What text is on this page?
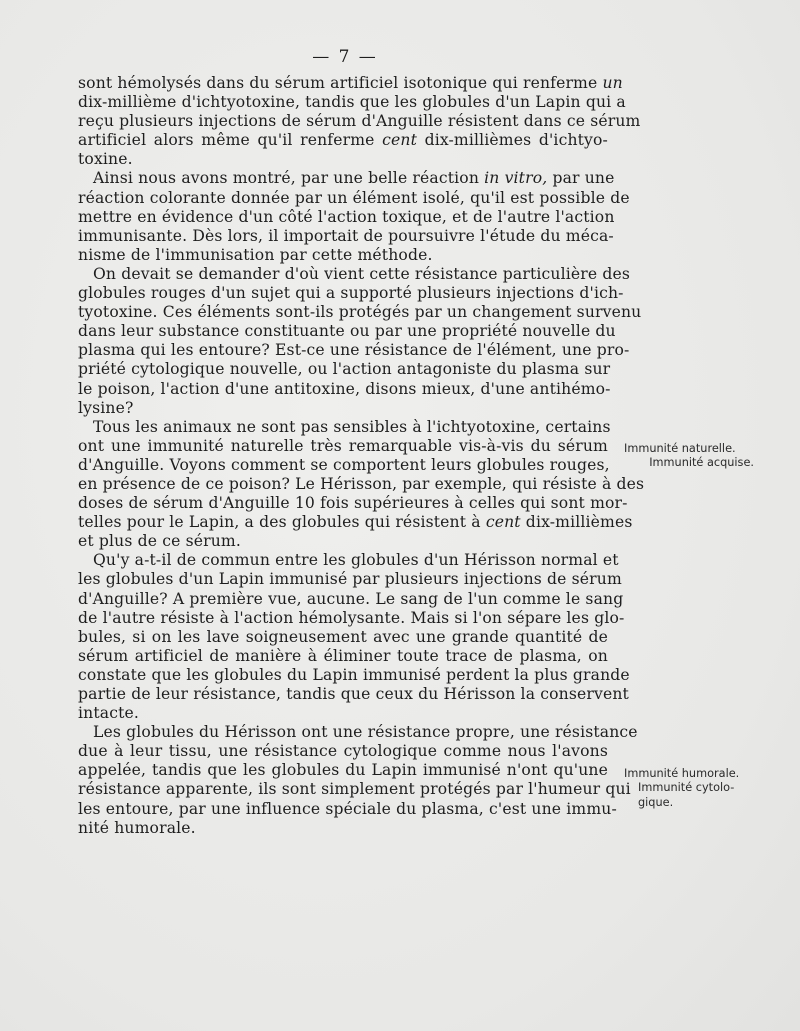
— 7 —
sont hémolysés dans du sérum artificiel isotonique qui renferme un
dix-millième d'ichtyotoxine, tandis que les globules d'un Lapin qui a
reçu plusieurs injections de sérum d'Anguille résistent dans ce sérum
artificiel alors même qu'il renferme cent dix-millièmes d'ichtyo-
toxine.
Ainsi nous avons montré, par une belle réaction in vitro, par une
réaction colorante donnée par un élément isolé, qu'il est possible de
mettre en évidence d'un côté l'action toxique, et de l'autre l'action
immunisante. Dès lors, il importait de poursuivre l'étude du méca-
nisme de l'immunisation par cette méthode.
On devait se demander d'où vient cette résistance particulière des
globules rouges d'un sujet qui a supporté plusieurs injections d'ich-
tyotoxine. Ces éléments sont-ils protégés par un changement survenu
dans leur substance constituante ou par une propriété nouvelle du
plasma qui les entoure? Est-ce une résistance de l'élément, une pro-
priété cytologique nouvelle, ou l'action antagoniste du plasma sur
le poison, l'action d'une antitoxine, disons mieux, d'une antihémo-
lysine?
Tous les animaux ne sont pas sensibles à l'ichtyotoxine, certains
ont une immunité naturelle très remarquable vis-à-vis du sérum
d'Anguille. Voyons comment se comportent leurs globules rouges,
en présence de ce poison? Le Hérisson, par exemple, qui résiste à des
doses de sérum d'Anguille 10 fois supérieures à celles qui sont mor-
telles pour le Lapin, a des globules qui résistent à cent dix-millièmes
et plus de ce sérum.
Qu'y a-t-il de commun entre les globules d'un Hérisson normal et
les globules d'un Lapin immunisé par plusieurs injections de sérum
d'Anguille? A première vue, aucune. Le sang de l'un comme le sang
de l'autre résiste à l'action hémolysante. Mais si l'on sépare les glo-
bules, si on les lave soigneusement avec une grande quantité de
sérum artificiel de manière à éliminer toute trace de plasma, on
constate que les globules du Lapin immunisé perdent la plus grande
partie de leur résistance, tandis que ceux du Hérisson la conservent
intacte.
Les globules du Hérisson ont une résistance propre, une résistance
due à leur tissu, une résistance cytologique comme nous l'avons
appelée, tandis que les globules du Lapin immunisé n'ont qu'une
résistance apparente, ils sont simplement protégés par l'humeur qui
les entoure, par une influence spéciale du plasma, c'est une immu-
nité humorale.
Immunité naturelle.
Immunité acquise.
Immunité humorale.
Immunité cytolo-
gique.
